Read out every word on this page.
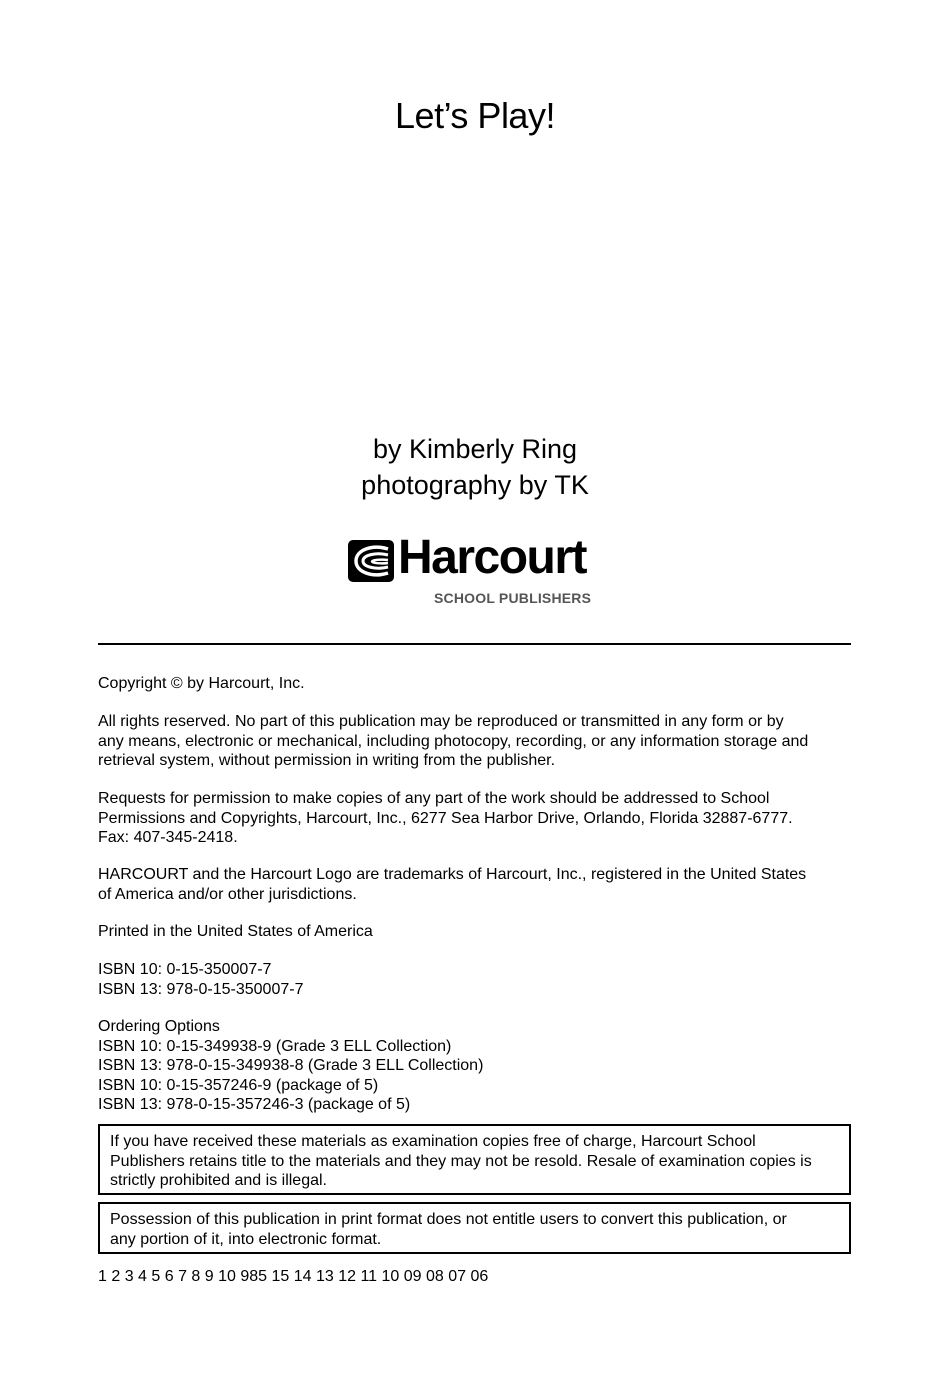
Let’s Play!
by Kimberly Ring
photography by TK
Harcourt
SCHOOL PUBLISHERS
Copyright © by Harcourt, Inc.
All rights reserved. No part of this publication may be reproduced or transmitted in any form or by
any means, electronic or mechanical, including photocopy, recording, or any information storage and
retrieval system, without permission in writing from the publisher.
Requests for permission to make copies of any part of the work should be addressed to School
Permissions and Copyrights, Harcourt, Inc., 6277 Sea Harbor Drive, Orlando, Florida 32887-6777.
Fax: 407-345-2418.
HARCOURT and the Harcourt Logo are trademarks of Harcourt, Inc., registered in the United States
of America and/or other jurisdictions.
Printed in the United States of America
ISBN 10: 0-15-350007-7
ISBN 13: 978-0-15-350007-7
Ordering Options
ISBN 10: 0-15-349938-9 (Grade 3 ELL Collection)
ISBN 13: 978-0-15-349938-8 (Grade 3 ELL Collection)
ISBN 10: 0-15-357246-9 (package of 5)
ISBN 13: 978-0-15-357246-3 (package of 5)
If you have received these materials as examination copies free of charge, Harcourt School
Publishers retains title to the materials and they may not be resold. Resale of examination copies is
strictly prohibited and is illegal.
Possession of this publication in print format does not entitle users to convert this publication, or
any portion of it, into electronic format.
1 2 3 4 5 6 7 8 9 10 985 15 14 13 12 11 10 09 08 07 06
